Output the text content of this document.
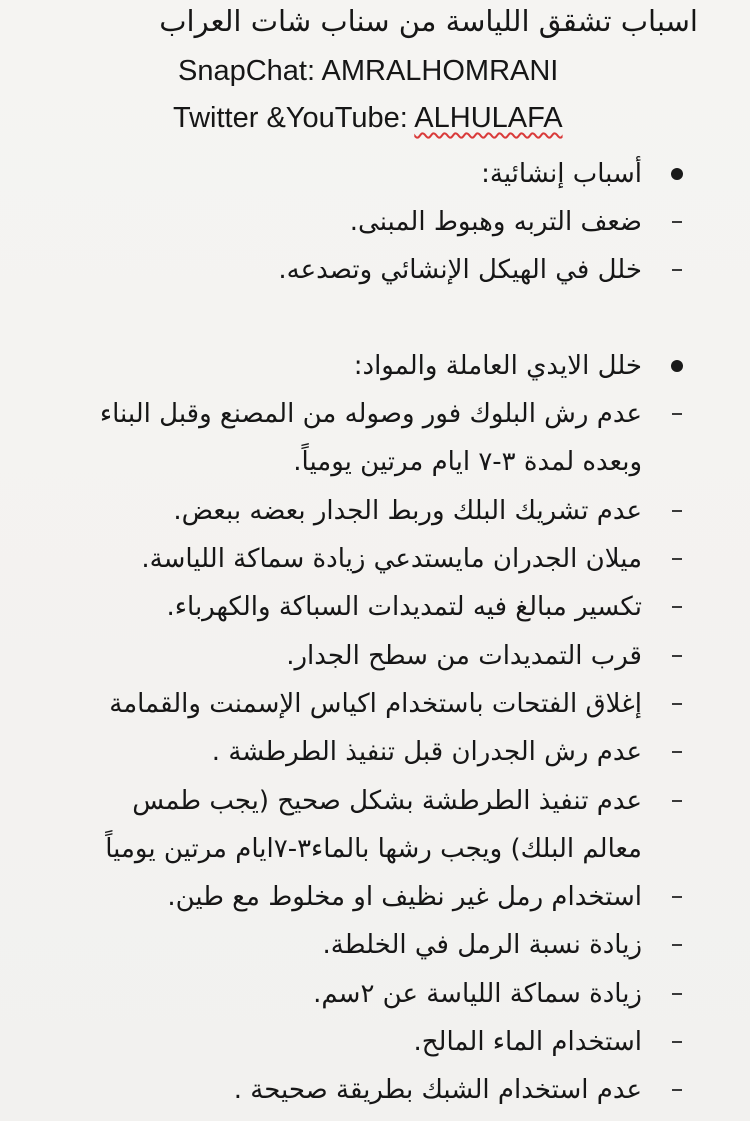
اسباب تشقق اللياسة من سناب شات العراب
SnapChat: AMRALHOMRANI
Twitter &YouTube: ALHULAFA
أسباب إنشائية:
ضعف التربه وهبوط المبنى.
خلل في الهيكل الإنشائي وتصدعه.
خلل الايدي العاملة والمواد:
عدم رش البلوك فور وصوله من المصنع وقبل البناء
وبعده لمدة ٣-٧ ايام مرتين يومياً.
عدم تشريك البلك وربط الجدار بعضه ببعض.
ميلان الجدران مايستدعي زيادة سماكة اللياسة.
تكسير مبالغ فيه لتمديدات السباكة والكهرباء.
قرب التمديدات من سطح الجدار.
إغلاق الفتحات باستخدام اكياس الإسمنت والقمامة
عدم رش الجدران قبل تنفيذ الطرطشة .
عدم تنفيذ الطرطشة بشكل صحيح (يجب طمس
معالم البلك) ويجب رشها بالماء٣-٧ايام مرتين يومياً
استخدام رمل غير نظيف او مخلوط مع طين.
زيادة نسبة الرمل في الخلطة.
زيادة سماكة اللياسة عن ٢سم.
استخدام الماء المالح.
عدم استخدام الشبك بطريقة صحيحة .
